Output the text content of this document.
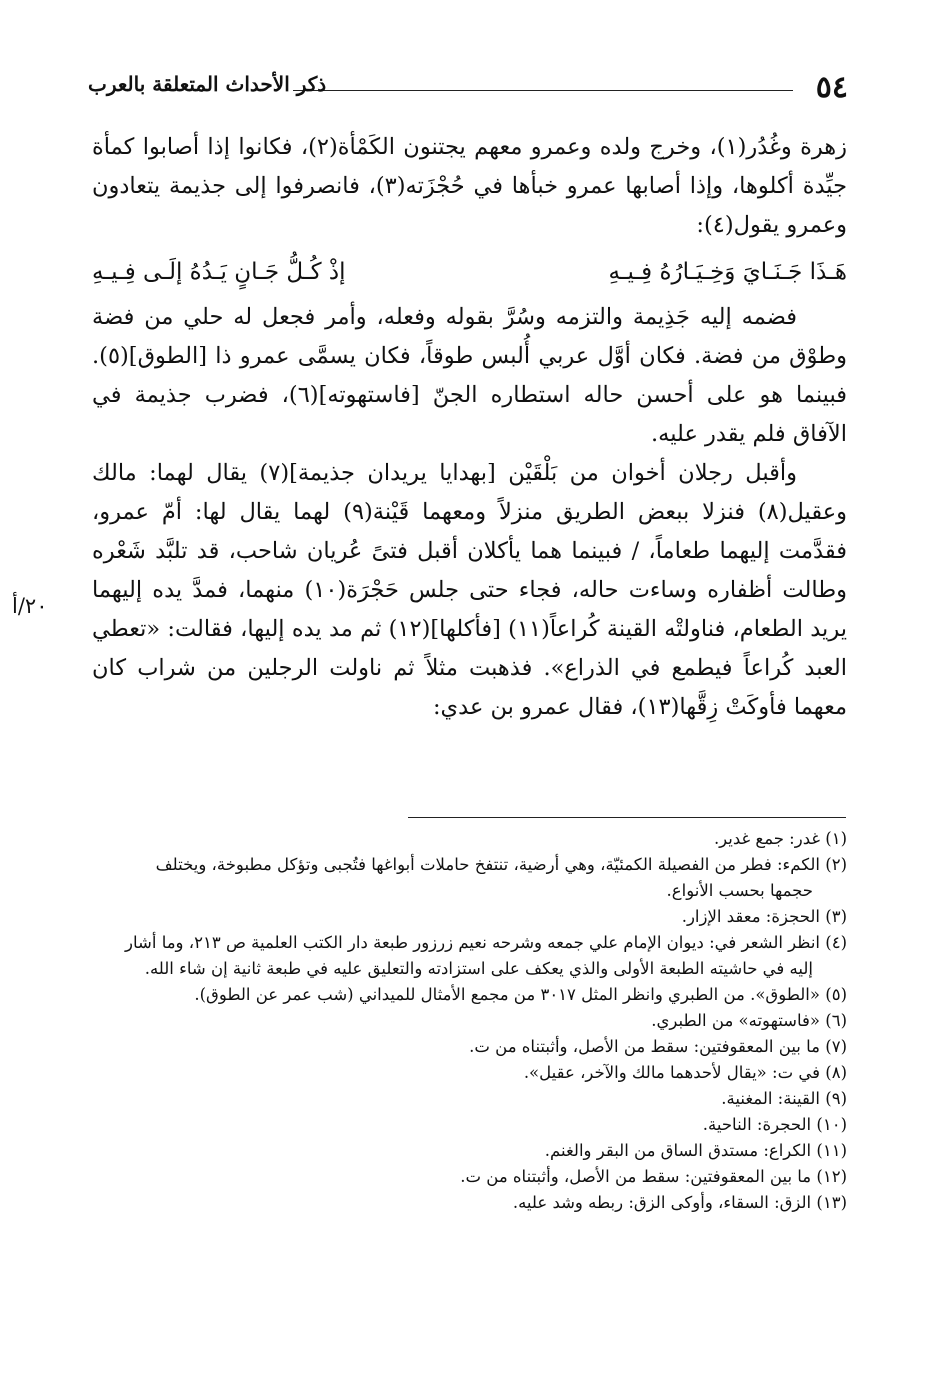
٥٤
ذكر الأحداث المتعلقة بالعرب
٢٠/أ

زهرة وغُدُر(١)، وخرج ولده وعمرو معهم يجتنون الكَمْأة(٢)، فكانوا إذا أصابوا كمأة جيِّدة أكلوها، وإذا أصابها عمرو خبأها في حُجْزَته(٣)، فانصرفوا إلى جذيمة يتعادون وعمرو يقول(٤):

هَـذَا جَـنَـايَ وَخِـيَـارُهُ فِـيـهِ
إذْ كُـلُّ جَـانٍ يَـدُهُ إلَـى فِـيـهِ

فضمه إليه جَذِيمة والتزمه وسُرَّ بقوله وفعله، وأمر فجعل له حلي من فضة وطوْق من فضة. فكان أوَّل عربي أُلبس طوقاً، فكان يسمَّى عمرو ذا [الطوق](٥). فبينما هو على أحسن حاله استطاره الجنّ [فاستهوته](٦)، فضرب جذيمة في الآفاق فلم يقدر عليه.

وأقبل رجلان أخوان من بَلْقَيْن [بهدايا يريدان جذيمة](٧) يقال لهما: مالك وعقيل(٨) فنزلا ببعض الطريق منزلاً ومعهما قَيْنة(٩) لهما يقال لها: أمّ عمرو، فقدَّمت إليهما طعاماً، / فبينما هما يأكلان أقبل فتىً عُريان شاحب، قد تلبَّد شَعْره وطالت أظفاره وساءت حاله، فجاء حتى جلس حَجْرَة(١٠) منهما، فمدَّ يده إليهما يريد الطعام، فناولتْه القينة كُراعاً(١١) [فأكلها](١٢) ثم مد يده إليها، فقالت: «تعطي العبد كُراعاً فيطمع في الذراع». فذهبت مثلاً ثم ناولت الرجلين من شراب كان معهما فأوكَتْ زِقَّها(١٣)، فقال عمرو بن عدي:

(١) غدر: جمع غدير.

(٢) الكمء: فطر من الفصيلة الكمئيّة، وهي أرضية، تنتفخ حاملات أبواغها فتُجبى وتؤكل مطبوخة، ويختلف

حجمها بحسب الأنواع.

(٣) الحجزة: معقد الإزار.

(٤) انظر الشعر في: ديوان الإمام علي جمعه وشرحه نعيم زرزور طبعة دار الكتب العلمية ص ٢١٣، وما أشار

إليه في حاشيته الطبعة الأولى والذي يعكف على استزادته والتعليق عليه في طبعة ثانية إن شاء الله.

(٥) «الطوق». من الطبري وانظر المثل ٣٠١٧ من مجمع الأمثال للميداني (شب عمر عن الطوق).

(٦) «فاستهوته» من الطبري.

(٧) ما بين المعقوفتين: سقط من الأصل، وأثبتناه من ت.

(٨) في ت: «يقال لأحدهما مالك والآخر، عقيل».

(٩) القينة: المغنية.

(١٠) الحجرة: الناحية.

(١١) الكراع: مستدق الساق من البقر والغنم.

(١٢) ما بين المعقوفتين: سقط من الأصل، وأثبتناه من ت.

(١٣) الزق: السقاء، وأوكى الزق: ربطه وشد عليه.
